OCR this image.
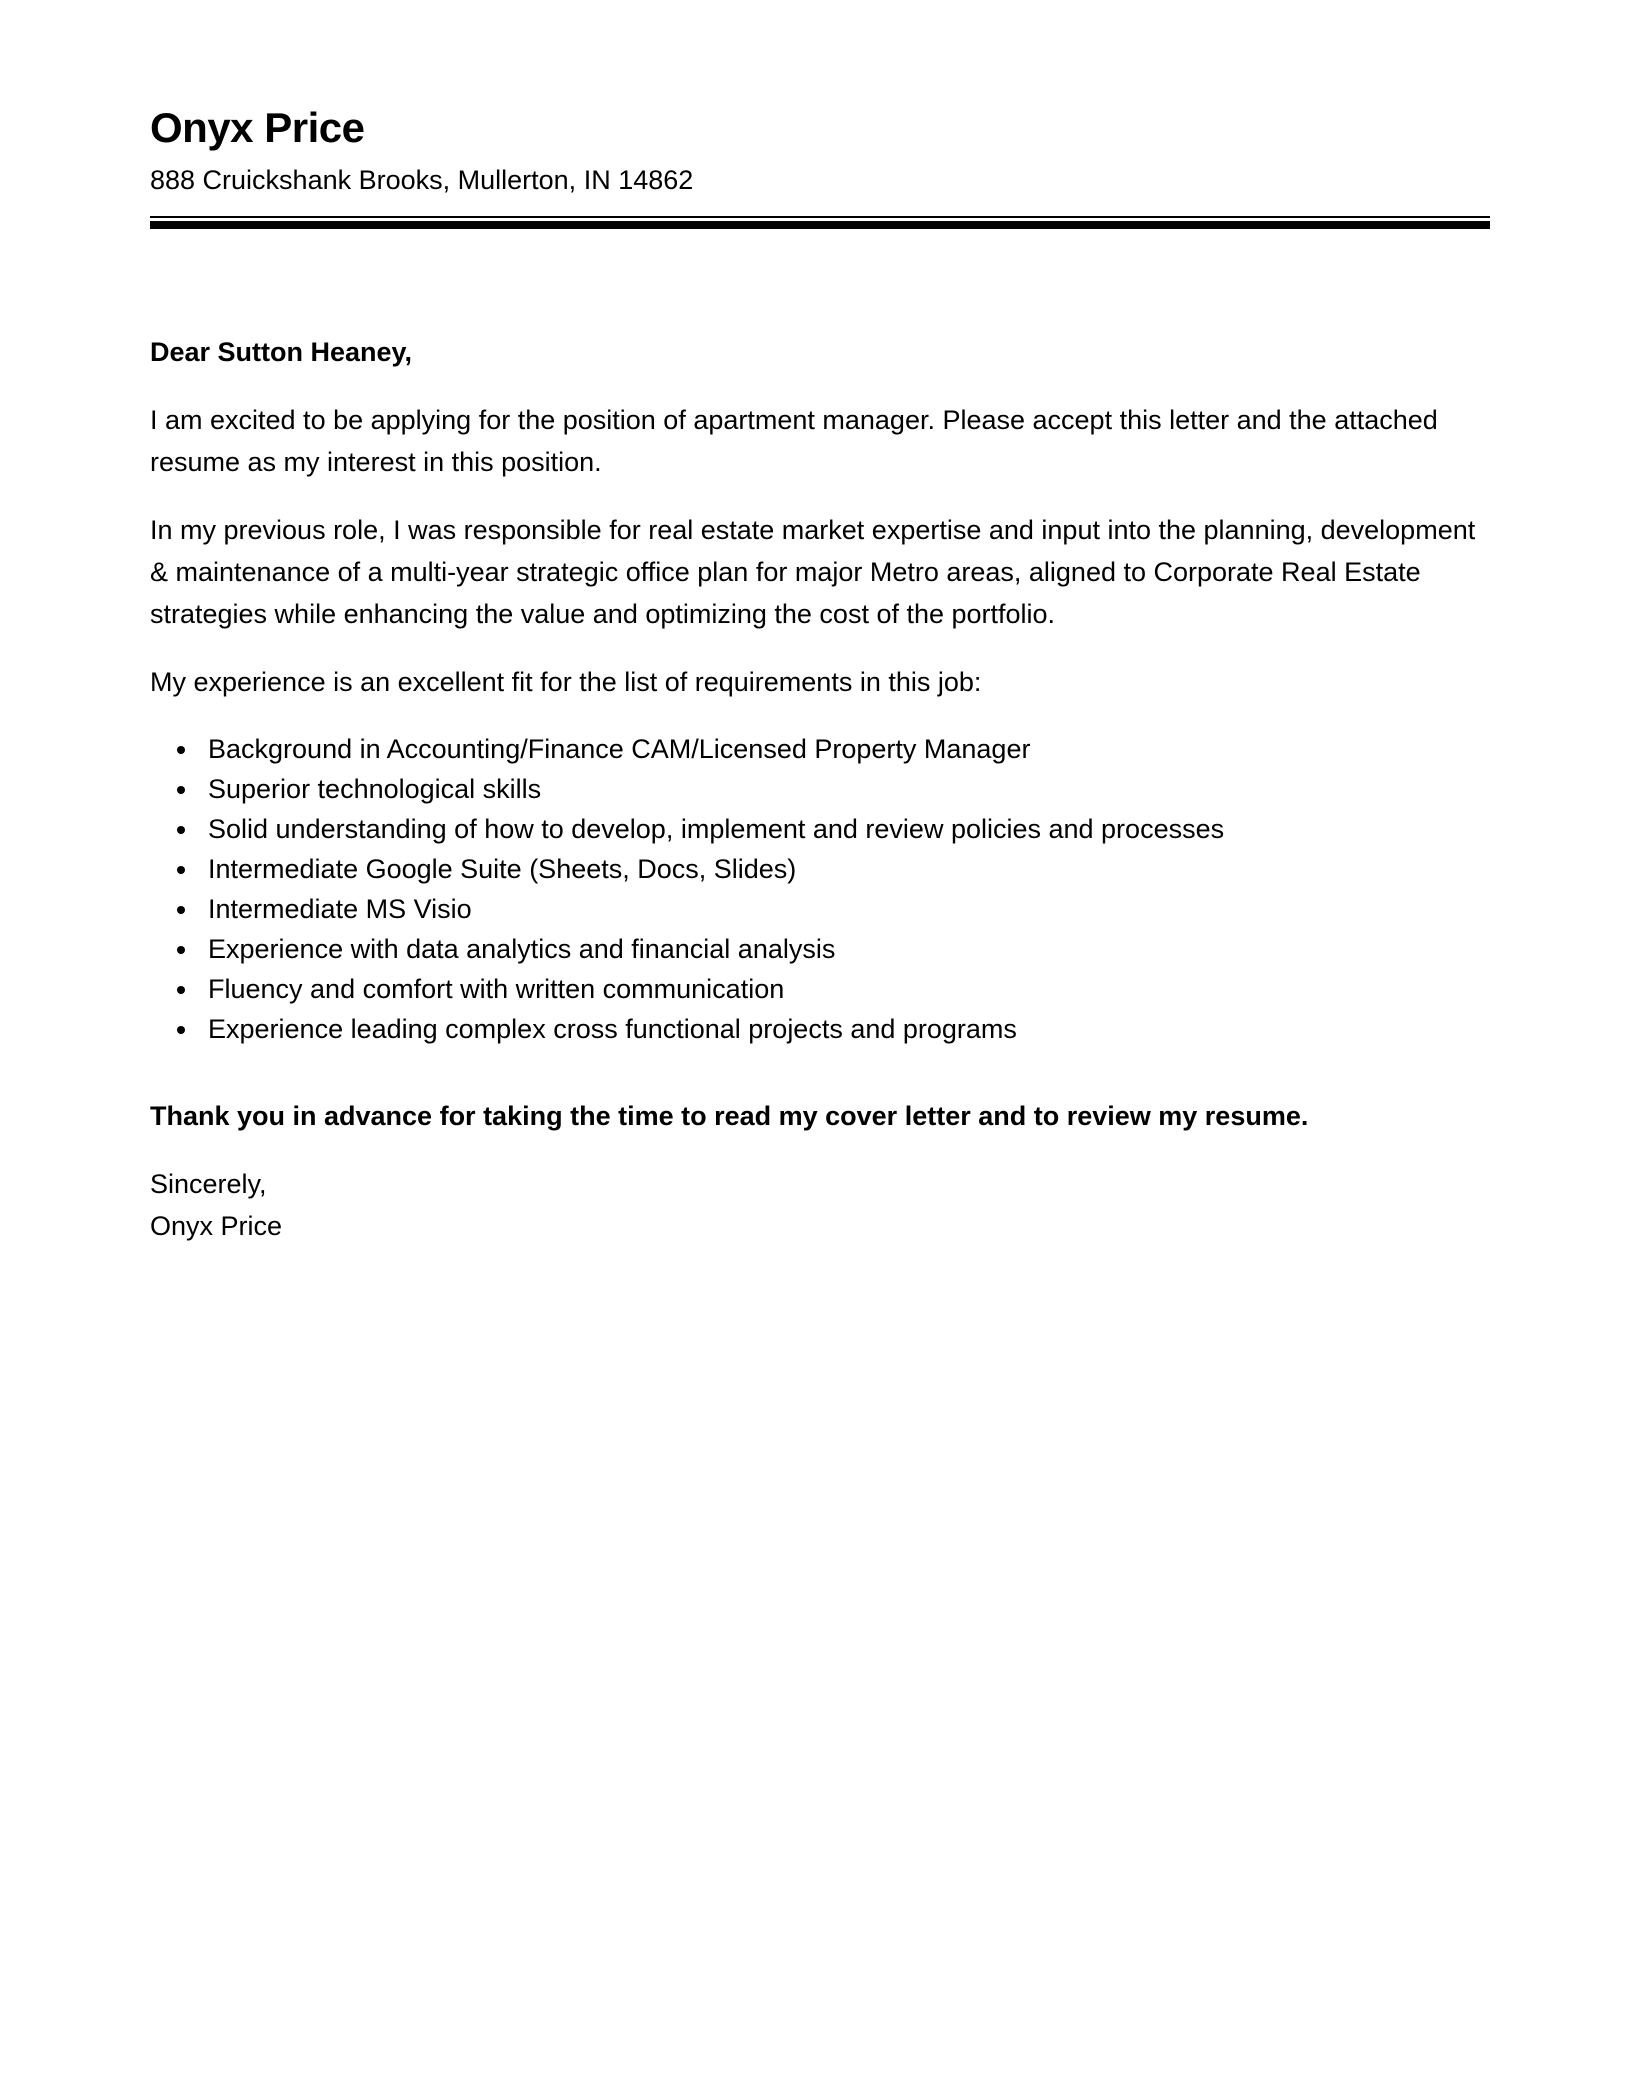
Onyx Price

888 Cruickshank Brooks, Mullerton, IN 14862

Dear Sutton Heaney,

I am excited to be applying for the position of apartment manager. Please accept this letter and the attached resume as my interest in this position.

In my previous role, I was responsible for real estate market expertise and input into the planning, development & maintenance of a multi-year strategic office plan for major Metro areas, aligned to Corporate Real Estate strategies while enhancing the value and optimizing the cost of the portfolio.

My experience is an excellent fit for the list of requirements in this job:

• Background in Accounting/Finance CAM/Licensed Property Manager
• Superior technological skills
• Solid understanding of how to develop, implement and review policies and processes
• Intermediate Google Suite (Sheets, Docs, Slides)
• Intermediate MS Visio
• Experience with data analytics and financial analysis
• Fluency and comfort with written communication
• Experience leading complex cross functional projects and programs

Thank you in advance for taking the time to read my cover letter and to review my resume.

Sincerely,

Onyx Price
